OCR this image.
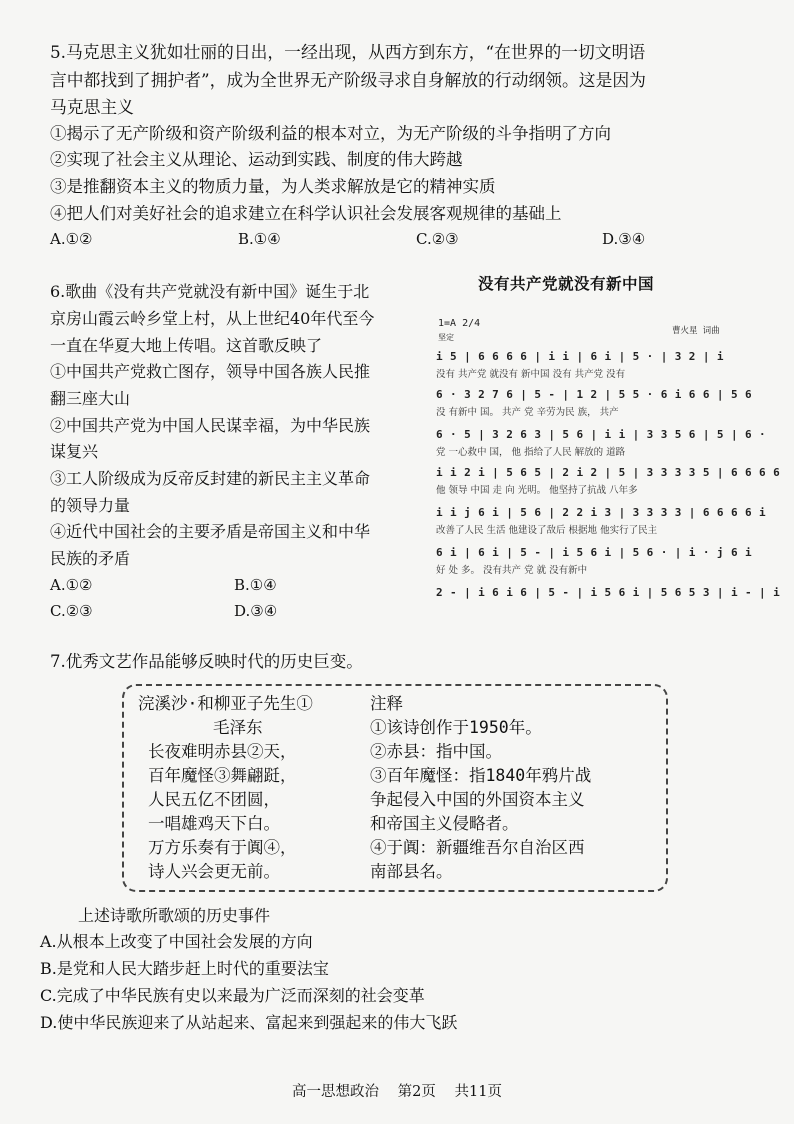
5.马克思主义犹如壮丽的日出，一经出现，从西方到东方，“在世界的一切文明语
言中都找到了拥护者”，成为全世界无产阶级寻求自身解放的行动纲领。这是因为
马克思主义
①揭示了无产阶级和资产阶级利益的根本对立，为无产阶级的斗争指明了方向
②实现了社会主义从理论、运动到实践、制度的伟大跨越
③是推翻资本主义的物质力量，为人类求解放是它的精神实质
④把人们对美好社会的追求建立在科学认识社会发展客观规律的基础上
A.①②	B.①④	C.②③	D.③④
6.歌曲《没有共产党就没有新中国》诞生于北
京房山霞云岭乡堂上村，从上世纪40年代至今
一直在华夏大地上传唱。这首歌反映了
①中国共产党救亡图存，领导中国各族人民推
翻三座大山
②中国共产党为中国人民谋幸福，为中华民族
谋复兴
③工人阶级成为反帝反封建的新民主主义革命
的领导力量
④近代中国社会的主要矛盾是帝国主义和中华
民族的矛盾
A.①②	B.①④
C.②③	D.③④
没有共产党就没有新中国
1=A 2/4
坚定
曹火星 词曲
i 5 | 6 6 6 6 | i i | 6 i | 5 · | 3 2 | i
没有 共产党 就没有 新中国 没有 共产党 没有
6 · 3 2 7 6 | 5 - | 1 2 | 5 5 · 6 i 6 6 | 5 6
没 有新中 国。 共产 党 辛劳为民 族， 共产
6 · 5 | 3 2 6 3 | 5 6 | i i | 3 3 5 6 | 5 | 6 ·
党 一心救中 国， 他 指给了人民 解放的 道路
i i 2 i | 5 6 5 | 2 i 2 | 5 | 3 3 3 3 5 | 6 6 6 6
他 领导 中国 走 向 光明。 他坚持了抗战 八年多
i i j 6 i | 5 6 | 2 2 i 3 | 3 3 3 3 | 6 6 6 6 i
改善了人民 生活 他建设了敌后 根据地 他实行了民主
6 i | 6 i | 5 - | i 5 6 i | 5 6 · | i · j 6 i
好 处 多。 没有共产 党 就 没有新中
2 - | i 6 i 6 | 5 - | i 5 6 i | 5 6 5 3 | i - | i
7.优秀文艺作品能够反映时代的历史巨变。
浣溪沙·和柳亚子先生①
毛泽东
长夜难明赤县②天，
百年魔怪③舞翩跹，
人民五亿不团圆，
一唱雄鸡天下白。
万方乐奏有于阗④，
诗人兴会更无前。
注释
①该诗创作于1950年。
②赤县：指中国。
③百年魔怪：指1840年鸦片战
争起侵入中国的外国资本主义
和帝国主义侵略者。
④于阗：新疆维吾尔自治区西
南部县名。
上述诗歌所歌颂的历史事件
A.从根本上改变了中国社会发展的方向
B.是党和人民大踏步赶上时代的重要法宝
C.完成了中华民族有史以来最为广泛而深刻的社会变革
D.使中华民族迎来了从站起来、富起来到强起来的伟大飞跃
高一思想政治 第2页 共11页
